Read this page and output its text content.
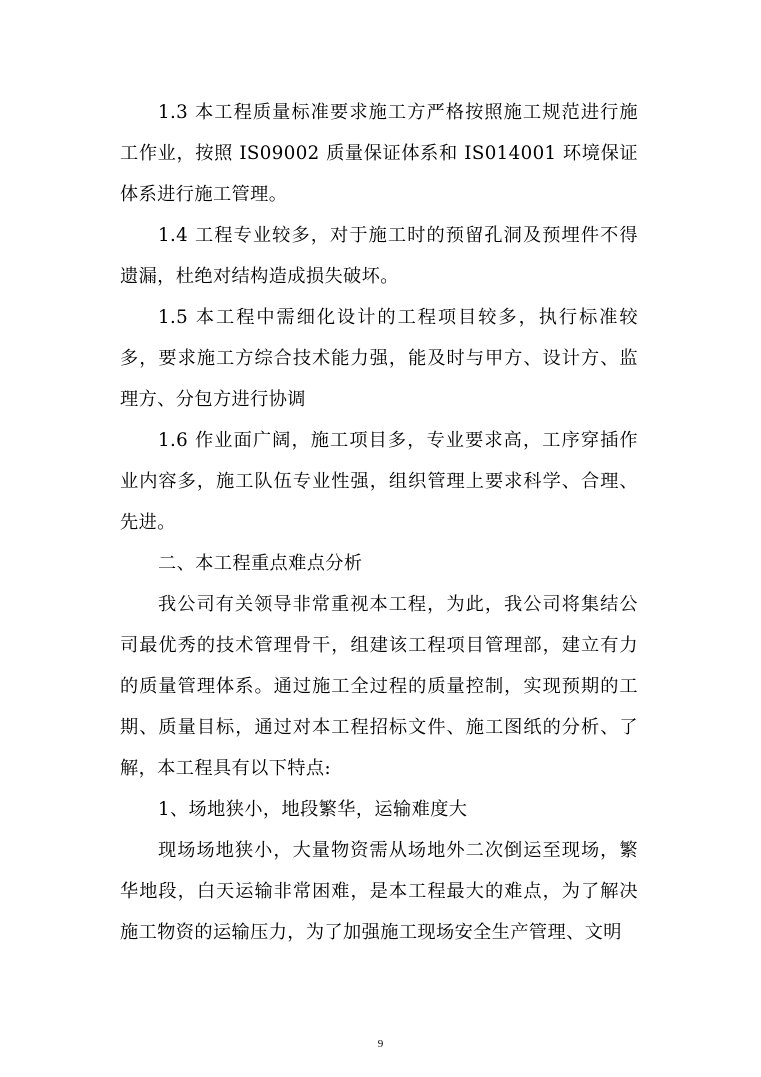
1.3 本工程质量标准要求施工方严格按照施工规范进行施工作业，按照 IS09002 质量保证体系和 IS014001 环境保证体系进行施工管理。

1.4 工程专业较多，对于施工时的预留孔洞及预埋件不得遗漏，杜绝对结构造成损失破坏。

1.5 本工程中需细化设计的工程项目较多，执行标准较多，要求施工方综合技术能力强，能及时与甲方、设计方、监理方、分包方进行协调

1.6 作业面广阔，施工项目多，专业要求高，工序穿插作业内容多，施工队伍专业性强，组织管理上要求科学、合理、先进。

二、本工程重点难点分析

我公司有关领导非常重视本工程，为此，我公司将集结公司最优秀的技术管理骨干，组建该工程项目管理部，建立有力的质量管理体系。通过施工全过程的质量控制，实现预期的工期、质量目标，通过对本工程招标文件、施工图纸的分析、了解，本工程具有以下特点:

1、场地狭小，地段繁华，运输难度大

现场场地狭小，大量物资需从场地外二次倒运至现场，繁华地段，白天运输非常困难，是本工程最大的难点，为了解决施工物资的运输压力，为了加强施工现场安全生产管理、文明

9
